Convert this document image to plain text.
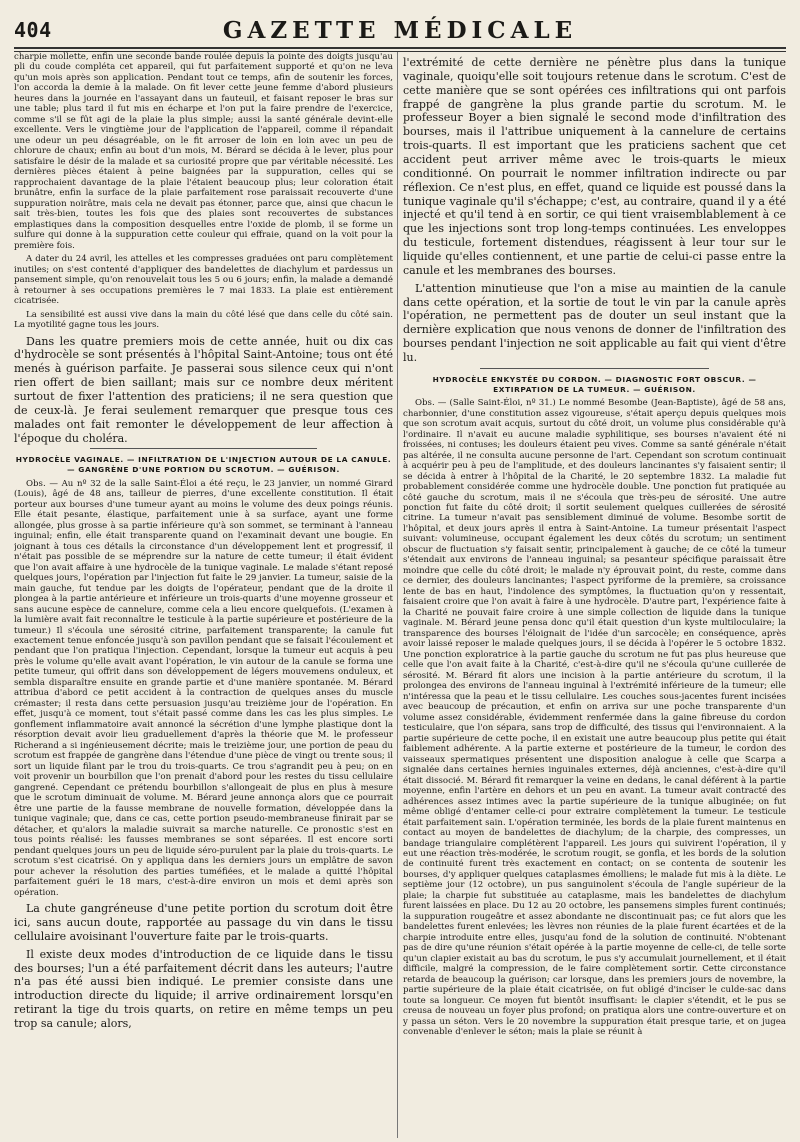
404	GAZETTE MÉDICALE

charpie mollette, enfin une seconde bande roulée depuis la pointe des doigts jusqu'au pli du coude compléta cet appareil, qui fut parfaitement supporté et qu'on ne leva qu'un mois après son application. Pendant tout ce temps, afin de soutenir les forces, l'on accorda la demie à la malade. On fit lever cette jeune femme d'abord plusieurs heures dans la journée en l'assayant dans un fauteuil, et faisant reposer le bras sur une table; plus tard il fut mis en écharpe et l'on put la faire prendre de l'exercice, comme s'il se fût agi de la plaie la plus simple; aussi la santé générale devint-elle excellente. Vers le vingtième jour de l'application de l'appareil, comme il répandait une odeur un peu désagréable, on le fit arroser de loin en loin avec un peu de chlorure de chaux; enfin au bout d'un mois, M. Bérard se décida à le lever, plus pour satisfaire le désir de la malade et sa curiosité propre que par véritable nécessité. Les dernières pièces étaient à peine baignées par la suppuration, celles qui se rapprochaient davantage de la plaie l'étaient beaucoup plus; leur coloration était brunâtre, enfin la surface de la plaie parfaitement rose paraissait recouverte d'une suppuration noirâtre, mais cela ne devait pas étonner, parce que, ainsi que chacun le sait très-bien, toutes les fois que des plaies sont recouvertes de substances emplastiques dans la composition desquelles entre l'oxide de plomb, il se forme un sulfure qui donne à la suppuration cette couleur qui effraie, quand on la voit pour la première fois.

A dater du 24 avril, les attelles et les compresses graduées ont paru complètement inutiles; on s'est contenté d'appliquer des bandelettes de diachylum et pardessus un pansement simple, qu'on renouvelait tous les 5 ou 6 jours; enfin, la malade a demandé à retourner à ses occupations premières le 7 mai 1833. La plaie est entièrement cicatrisée.

La sensibilité est aussi vive dans la main du côté lésé que dans celle du côté sain. La myotilité gagne tous les jours.

Dans les quatre premiers mois de cette année, huit ou dix cas d'hydrocèle se sont présentés à l'hôpital Saint-Antoine; tous ont été menés à guérison parfaite. Je passerai sous silence ceux qui n'ont rien offert de bien saillant; mais sur ce nombre deux méritent surtout de fixer l'attention des praticiens; il ne sera question que de ceux-là. Je ferai seulement remarquer que presque tous ces malades ont fait remonter le développement de leur affection à l'époque du choléra.

HYDROCÈLE VAGINALE. — INFILTRATION DE L'INJECTION AUTOUR DE LA CANULE. — GANGRÈNE D'UNE PORTION DU SCROTUM. — GUÉRISON.

Obs. — Au nº 32 de la salle Saint-Éloi a été reçu, le 23 janvier, un nommé Girard (Louis), âgé de 48 ans, tailleur de pierres, d'une excellente constitution. Il était porteur aux bourses d'une tumeur ayant au moins le volume des deux poings réunis. Elle était pesante, élastique, parfaitement unie à sa surface, ayant une forme allongée, plus grosse à sa partie inférieure qu'à son sommet, se terminant à l'anneau inguinal; enfin, elle était transparente quand on l'examinait devant une bougie. En joignant à tous ces détails la circonstance d'un développement lent et progressif, il n'était pas possible de se méprendre sur la nature de cette tumeur; il était évident que l'on avait affaire à une hydrocèle de la tunique vaginale. Le malade s'étant reposé quelques jours, l'opération par l'injection fut faite le 29 janvier. La tumeur, saisie de la main gauche, fut tendue par les doigts de l'opérateur, pendant que de la droite il plongea à la partie antérieure et inférieure un trois-quarts d'une moyenne grosseur et sans aucune espèce de cannelure, comme cela a lieu encore quelquefois. (L'examen à la lumière avait fait reconnaître le testicule à la partie supérieure et postérieure de la tumeur.) Il s'écoula une sérosité citrine, parfaitement transparente; la canule fut exactement tenue enfoncée jusqu'à son pavillon pendant que se faisait l'écoulement et pendant que l'on pratiqua l'injection. Cependant, lorsque la tumeur eut acquis à peu près le volume qu'elle avait avant l'opération, le vin autour de la canule se forma une petite tumeur, qui offrit dans son développement de légers mouvemens onduleux, et sembla disparaître ensuite en grande partie et d'une manière spontanée. M. Bérard attribua d'abord ce petit accident à la contraction de quelques anses du muscle crémaster; il resta dans cette persuasion jusqu'au treizième jour de l'opération. En effet, jusqu'à ce moment, tout s'était passé comme dans les cas les plus simples. Le gonflement inflammatoire avait annoncé la sécrétion d'une lymphe plastique dont la résorption devait avoir lieu graduellement d'après la théorie que M. le professeur Richerand a si ingénieusement décrite; mais le treizième jour, une portion de peau du scrotum est frappée de gangrène dans l'étendue d'une pièce de vingt ou trente sous; il sort un liquide filant par le trou du trois-quarts. Ce trou s'agrandit peu à peu; on en voit provenir un bourbillon que l'on prenait d'abord pour les restes du tissu cellulaire gangrené. Cependant ce prétendu bourbillon s'allongeait de plus en plus à mesure que le scrotum diminuait de volume. M. Bérard jeune annonça alors que ce pourrait être une partie de la fausse membrane de nouvelle formation, développée dans la tunique vaginale; que, dans ce cas, cette portion pseudo-membraneuse finirait par se détacher, et qu'alors la maladie suivrait sa marche naturelle. Ce pronostic s'est en tous points réalisé: les fausses membranes se sont séparées. Il est encore sorti pendant quelques jours un peu de liquide séro-purulent par la plaie du trois-quarts. Le scrotum s'est cicatrisé. On y appliqua dans les derniers jours un emplâtre de savon pour achever la résolution des parties tuméfiées, et le malade a quitté l'hôpital parfaitement guéri le 18 mars, c'est-à-dire environ un mois et demi après son opération.

La chute gangréneuse d'une petite portion du scrotum doit être ici, sans aucun doute, rapportée au passage du vin dans le tissu cellulaire avoisinant l'ouverture faite par le trois-quarts.

Il existe deux modes d'introduction de ce liquide dans le tissu des bourses; l'un a été parfaitement décrit dans les auteurs; l'autre n'a pas été aussi bien indiqué. Le premier consiste dans une introduction directe du liquide; il arrive ordinairement lorsqu'en retirant la tige du trois quarts, on retire en même temps un peu trop sa canule; alors,

l'extrémité de cette dernière ne pénètre plus dans la tunique vaginale, quoiqu'elle soit toujours retenue dans le scrotum. C'est de cette manière que se sont opérées ces infiltrations qui ont parfois frappé de gangrène la plus grande partie du scrotum. M. le professeur Boyer a bien signalé le second mode d'infiltration des bourses, mais il l'attribue uniquement à la cannelure de certains trois-quarts. Il est important que les praticiens sachent que cet accident peut arriver même avec le trois-quarts le mieux conditionné. On pourrait le nommer infiltration indirecte ou par réflexion. Ce n'est plus, en effet, quand ce liquide est poussé dans la tunique vaginale qu'il s'échappe; c'est, au contraire, quand il y a été injecté et qu'il tend à en sortir, ce qui tient vraisemblablement à ce que les injections sont trop long-temps continuées. Les enveloppes du testicule, fortement distendues, réagissent à leur tour sur le liquide qu'elles contiennent, et une partie de celui-ci passe entre la canule et les membranes des bourses.

L'attention minutieuse que l'on a mise au maintien de la canule dans cette opération, et la sortie de tout le vin par la canule après l'opération, ne permettent pas de douter un seul instant que la dernière explication que nous venons de donner de l'infiltration des bourses pendant l'injection ne soit applicable au fait qui vient d'être lu.

HYDROCÈLE ENKYSTÉE DU CORDON. — DIAGNOSTIC FORT OBSCUR. — EXTIRPATION DE LA TUMEUR. — GUÉRISON.

Obs. — (Salle Saint-Éloi, nº 31.) Le nommé Besombe (Jean-Baptiste), âgé de 58 ans, charbonnier, d'une constitution assez vigoureuse, s'était aperçu depuis quelques mois que son scrotum avait acquis, surtout du côté droit, un volume plus considérable qu'à l'ordinaire. Il n'avait eu aucune maladie syphilitique, ses bourses n'avaient été ni froissées, ni contuses; les douleurs étaient peu vives. Comme sa santé générale n'était pas altérée, il ne consulta aucune personne de l'art. Cependant son scrotum continuait à acquérir peu à peu de l'amplitude, et des douleurs lancinantes s'y faisaient sentir; il se décida à entrer à l'hôpital de la Charité, le 20 septembre 1832. La maladie fut probablement considérée comme une hydrocèle double. Une ponction fut pratiquée au côté gauche du scrotum, mais il ne s'écoula que très-peu de sérosité. Une autre ponction fut faite du côté droit; il sortit seulement quelques cuillerées de sérosité citrine. La tumeur n'avait pas sensiblement diminué de volume. Besombe sortit de l'hôpital, et deux jours après il entra à Saint-Antoine. La tumeur présentait l'aspect suivant: volumineuse, occupant également les deux côtés du scrotum; un sentiment obscur de fluctuation s'y faisait sentir, principalement à gauche; de ce côté la tumeur s'étendait aux environs de l'anneau inguinal; sa pesanteur spécifique paraissait être moindre que celle du côté droit; le malade n'y éprouvait point, du reste, comme dans ce dernier, des douleurs lancinantes; l'aspect pyriforme de la première, sa croissance lente de bas en haut, l'indolence des symptômes, la fluctuation qu'on y ressentait, faisaient croire que l'on avait à faire à une hydrocèle. D'autre part, l'expérience faite à la Charité ne pouvait faire croire à une simple collection de liquide dans la tunique vaginale. M. Bérard jeune pensa donc qu'il était question d'un kyste multiloculaire; la transparence des bourses l'éloignait de l'idée d'un sarcocèle; en conséquence, après avoir laissé reposer le malade quelques jours, il se décida à l'opérer le 5 octobre 1832. Une ponction exploratrice à la partie gauche du scrotum ne fut pas plus heureuse que celle que l'on avait faite à la Charité, c'est-à-dire qu'il ne s'écoula qu'une cuillerée de sérosité. M. Bérard fit alors une incision à la partie antérieure du scrotum, il la prolongea des environs de l'anneau inguinal à l'extrémité inférieure de la tumeur; elle n'intéressa que la peau et le tissu cellulaire. Les couches sous-jacentes furent incisées avec beaucoup de précaution, et enfin on arriva sur une poche transparente d'un volume assez considérable, évidemment renfermée dans la gaine fibreuse du cordon testiculaire, que l'on sépara, sans trop de difficulté, des tissus qui l'environnaient. A la partie supérieure de cette poche, il en existait une autre beaucoup plus petite qui était faiblement adhérente. A la partie externe et postérieure de la tumeur, le cordon des vaisseaux spermatiques présentent une disposition analogue à celle que Scarpa a signalée dans certaines hernies inguinales externes, déjà anciennes, c'est-à-dire qu'il était dissocié. M. Bérard fit remarquer la veine en dedans, le canal déférent à la partie moyenne, enfin l'artère en dehors et un peu en avant. La tumeur avait contracté des adhérences assez intimes avec la partie supérieure de la tunique albuginée; on fut même obligé d'entamer celle-ci pour extraire complètement la tumeur. Le testicule était parfaitement sain. L'opération terminée, les bords de la plaie furent maintenus en contact au moyen de bandelettes de diachylum; de la charpie, des compresses, un bandage triangulaire complétèrent l'appareil. Les jours qui suivirent l'opération, il y eut une réaction très-modérée, le scrotum rougit, se gonfla, et les bords de la solution de continuité furent très exactement en contact; on se contenta de soutenir les bourses, d'y appliquer quelques cataplasmes émolliens; le malade fut mis à la diète. Le septième jour (12 octobre), un pus sanguinolent s'écoula de l'angle supérieur de la plaie; la charpie fut substituée au cataplasme, mais les bandelettes de diachylum furent laissées en place. Du 12 au 20 octobre, les pansemens simples furent continués; la suppuration rougeâtre et assez abondante ne discontinuait pas; ce fut alors que les bandelettes furent enlevées; les lèvres non réunies de la plaie furent écartées et de la charpie introduite entre elles, jusqu'au fond de la solution de continuité. N'obtenant pas de dire qu'une réunion s'était opérée à la partie moyenne de celle-ci, de telle sorte qu'un clapier existait au bas du scrotum, le pus s'y accumulait journellement, et il était difficile, malgré la compression, de le faire complètement sortir. Cette circonstance retarda de beaucoup la guérison; car lorsque, dans les premiers jours de novembre, la partie supérieure de la plaie était cicatrisée, on fut obligé d'inciser le culde-sac dans toute sa longueur. Ce moyen fut bientôt insuffisant: le clapier s'étendit, et le pus se creusa de nouveau un foyer plus profond; on pratiqua alors une contre-ouverture et on y passa un séton. Vers le 20 novembre la suppuration était presque tarie, et on jugea convenable d'enlever le séton; mais la plaie se réunit à
